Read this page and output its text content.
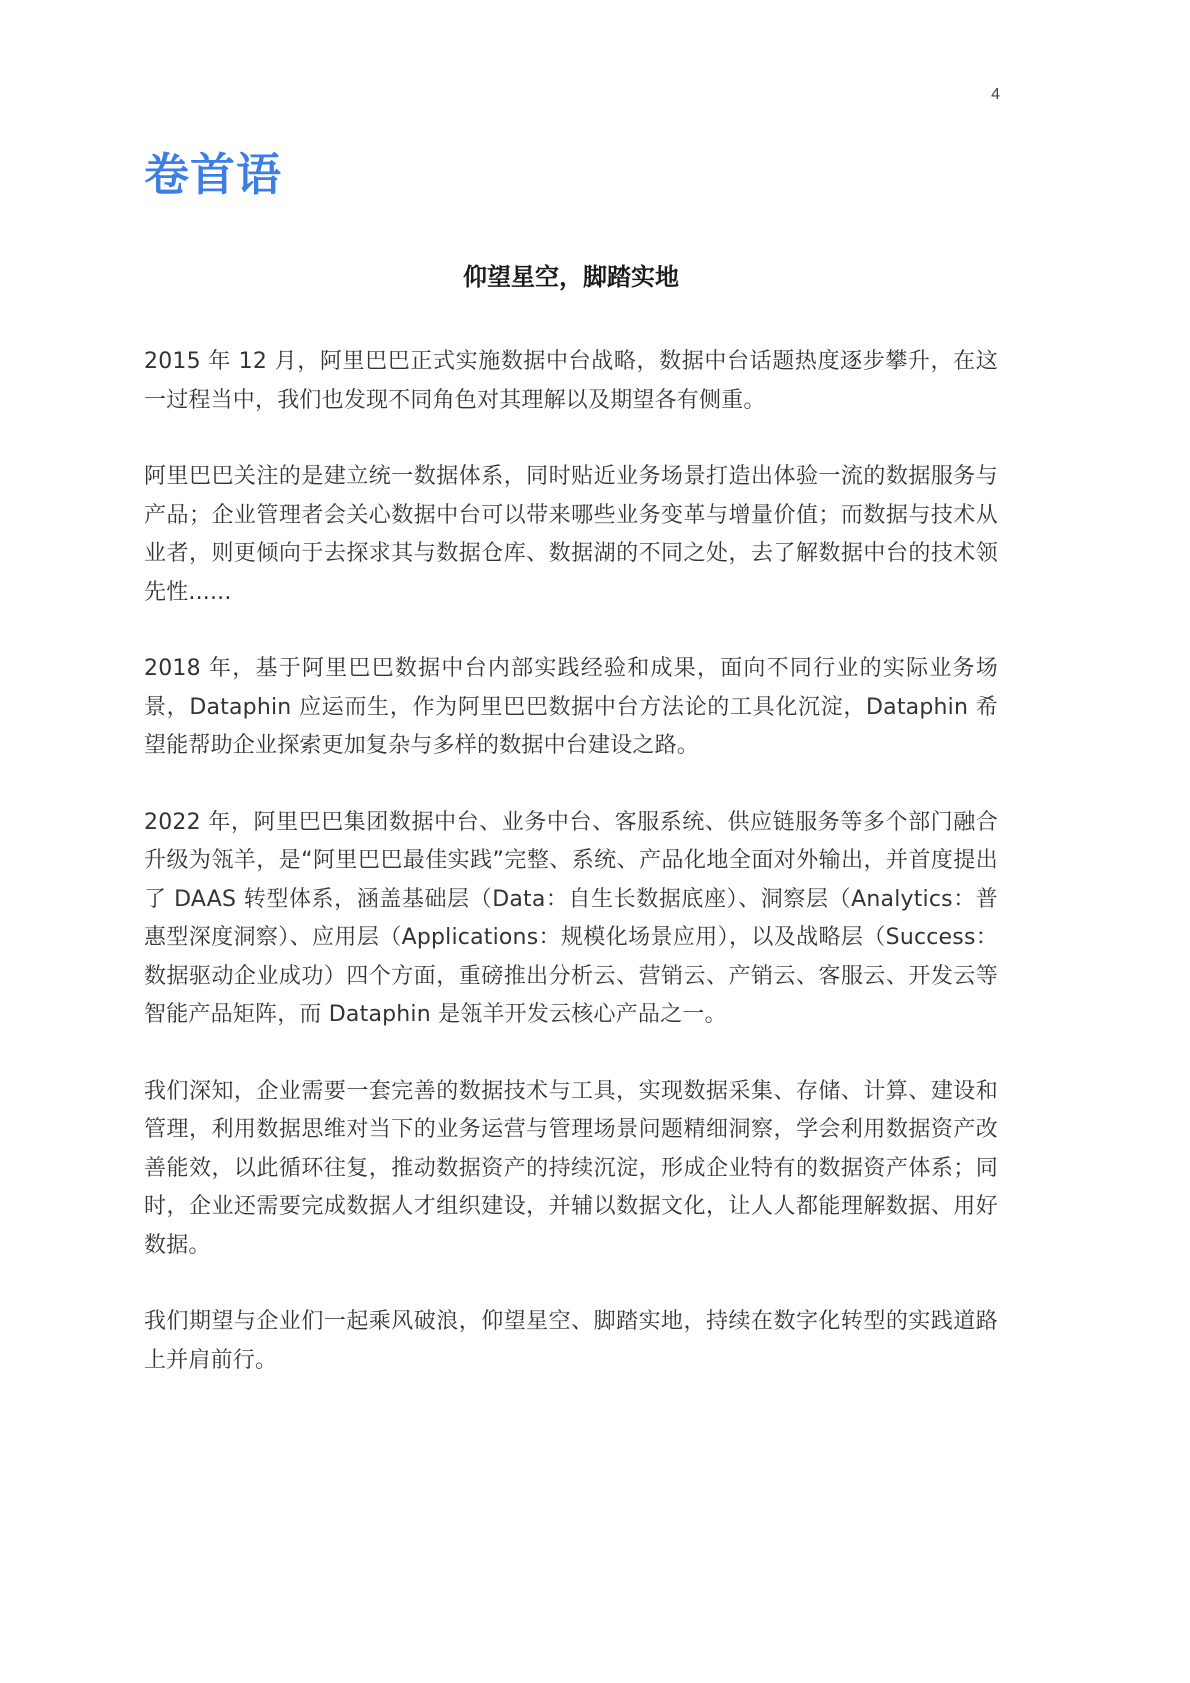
4
卷首语
仰望星空，脚踏实地

2015 年 12 月，阿里巴巴正式实施数据中台战略，数据中台话题热度逐步攀升，在这一过程当中，我们也发现不同角色对其理解以及期望各有侧重。

阿里巴巴关注的是建立统一数据体系，同时贴近业务场景打造出体验一流的数据服务与产品；企业管理者会关心数据中台可以带来哪些业务变革与增量价值；而数据与技术从业者，则更倾向于去探求其与数据仓库、数据湖的不同之处，去了解数据中台的技术领先性......

2018 年，基于阿里巴巴数据中台内部实践经验和成果，面向不同行业的实际业务场景，Dataphin 应运而生，作为阿里巴巴数据中台方法论的工具化沉淀，Dataphin 希望能帮助企业探索更加复杂与多样的数据中台建设之路。

2022 年，阿里巴巴集团数据中台、业务中台、客服系统、供应链服务等多个部门融合升级为瓴羊，是“阿里巴巴最佳实践”完整、系统、产品化地全面对外输出，并首度提出了 DAAS 转型体系，涵盖基础层（Data：自生长数据底座）、洞察层（Analytics：普惠型深度洞察）、应用层（Applications：规模化场景应用），以及战略层（Success：数据驱动企业成功）四个方面，重磅推出分析云、营销云、产销云、客服云、开发云等智能产品矩阵，而 Dataphin 是瓴羊开发云核心产品之一。

我们深知，企业需要一套完善的数据技术与工具，实现数据采集、存储、计算、建设和管理，利用数据思维对当下的业务运营与管理场景问题精细洞察，学会利用数据资产改善能效，以此循环往复，推动数据资产的持续沉淀，形成企业特有的数据资产体系；同时，企业还需要完成数据人才组织建设，并辅以数据文化，让人人都能理解数据、用好数据。

我们期望与企业们一起乘风破浪，仰望星空、脚踏实地，持续在数字化转型的实践道路上并肩前行。
